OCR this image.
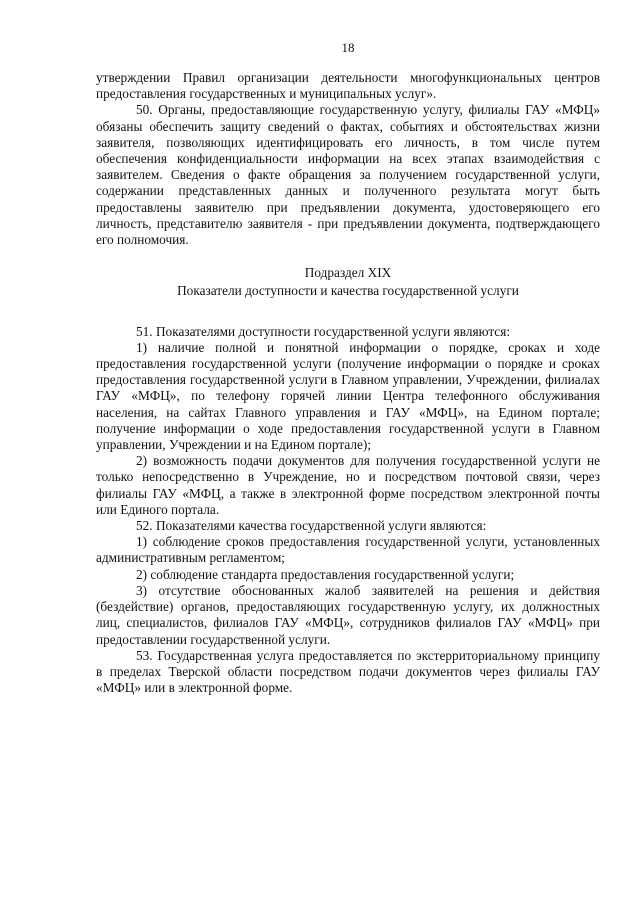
18

утверждении Правил организации деятельности многофункциональных центров предоставления государственных и муниципальных услуг».

50. Органы, предоставляющие государственную услугу, филиалы ГАУ «МФЦ» обязаны обеспечить защиту сведений о фактах, событиях и обстоятельствах жизни заявителя, позволяющих идентифицировать его личность, в том числе путем обеспечения конфиденциальности информации на всех этапах взаимодействия с заявителем. Сведения о факте обращения за получением государственной услуги, содержании представленных данных и полученного результата могут быть предоставлены заявителю при предъявлении документа, удостоверяющего его личность, представителю заявителя - при предъявлении документа, подтверждающего его полномочия.

Подраздел XIX
Показатели доступности и качества государственной услуги

51. Показателями доступности государственной услуги являются:

1) наличие полной и понятной информации о порядке, сроках и ходе предоставления государственной услуги (получение информации о порядке и сроках предоставления государственной услуги в Главном управлении, Учреждении, филиалах ГАУ «МФЦ», по телефону горячей линии Центра телефонного обслуживания населения, на сайтах Главного управления и ГАУ «МФЦ», на Едином портале; получение информации о ходе предоставления государственной услуги в Главном управлении, Учреждении и на Едином портале);

2) возможность подачи документов для получения государственной услуги не только непосредственно в Учреждение, но и посредством почтовой связи, через филиалы ГАУ «МФЦ, а также в электронной форме посредством электронной почты или Единого портала.

52. Показателями качества государственной услуги являются:

1) соблюдение сроков предоставления государственной услуги, установленных административным регламентом;

2) соблюдение стандарта предоставления государственной услуги;

3) отсутствие обоснованных жалоб заявителей на решения и действия (бездействие) органов, предоставляющих государственную услугу, их должностных лиц, специалистов, филиалов ГАУ «МФЦ», сотрудников филиалов ГАУ «МФЦ» при предоставлении государственной услуги.

53. Государственная услуга предоставляется по экстерриториальному принципу в пределах Тверской области посредством подачи документов через филиалы ГАУ «МФЦ» или в электронной форме.
